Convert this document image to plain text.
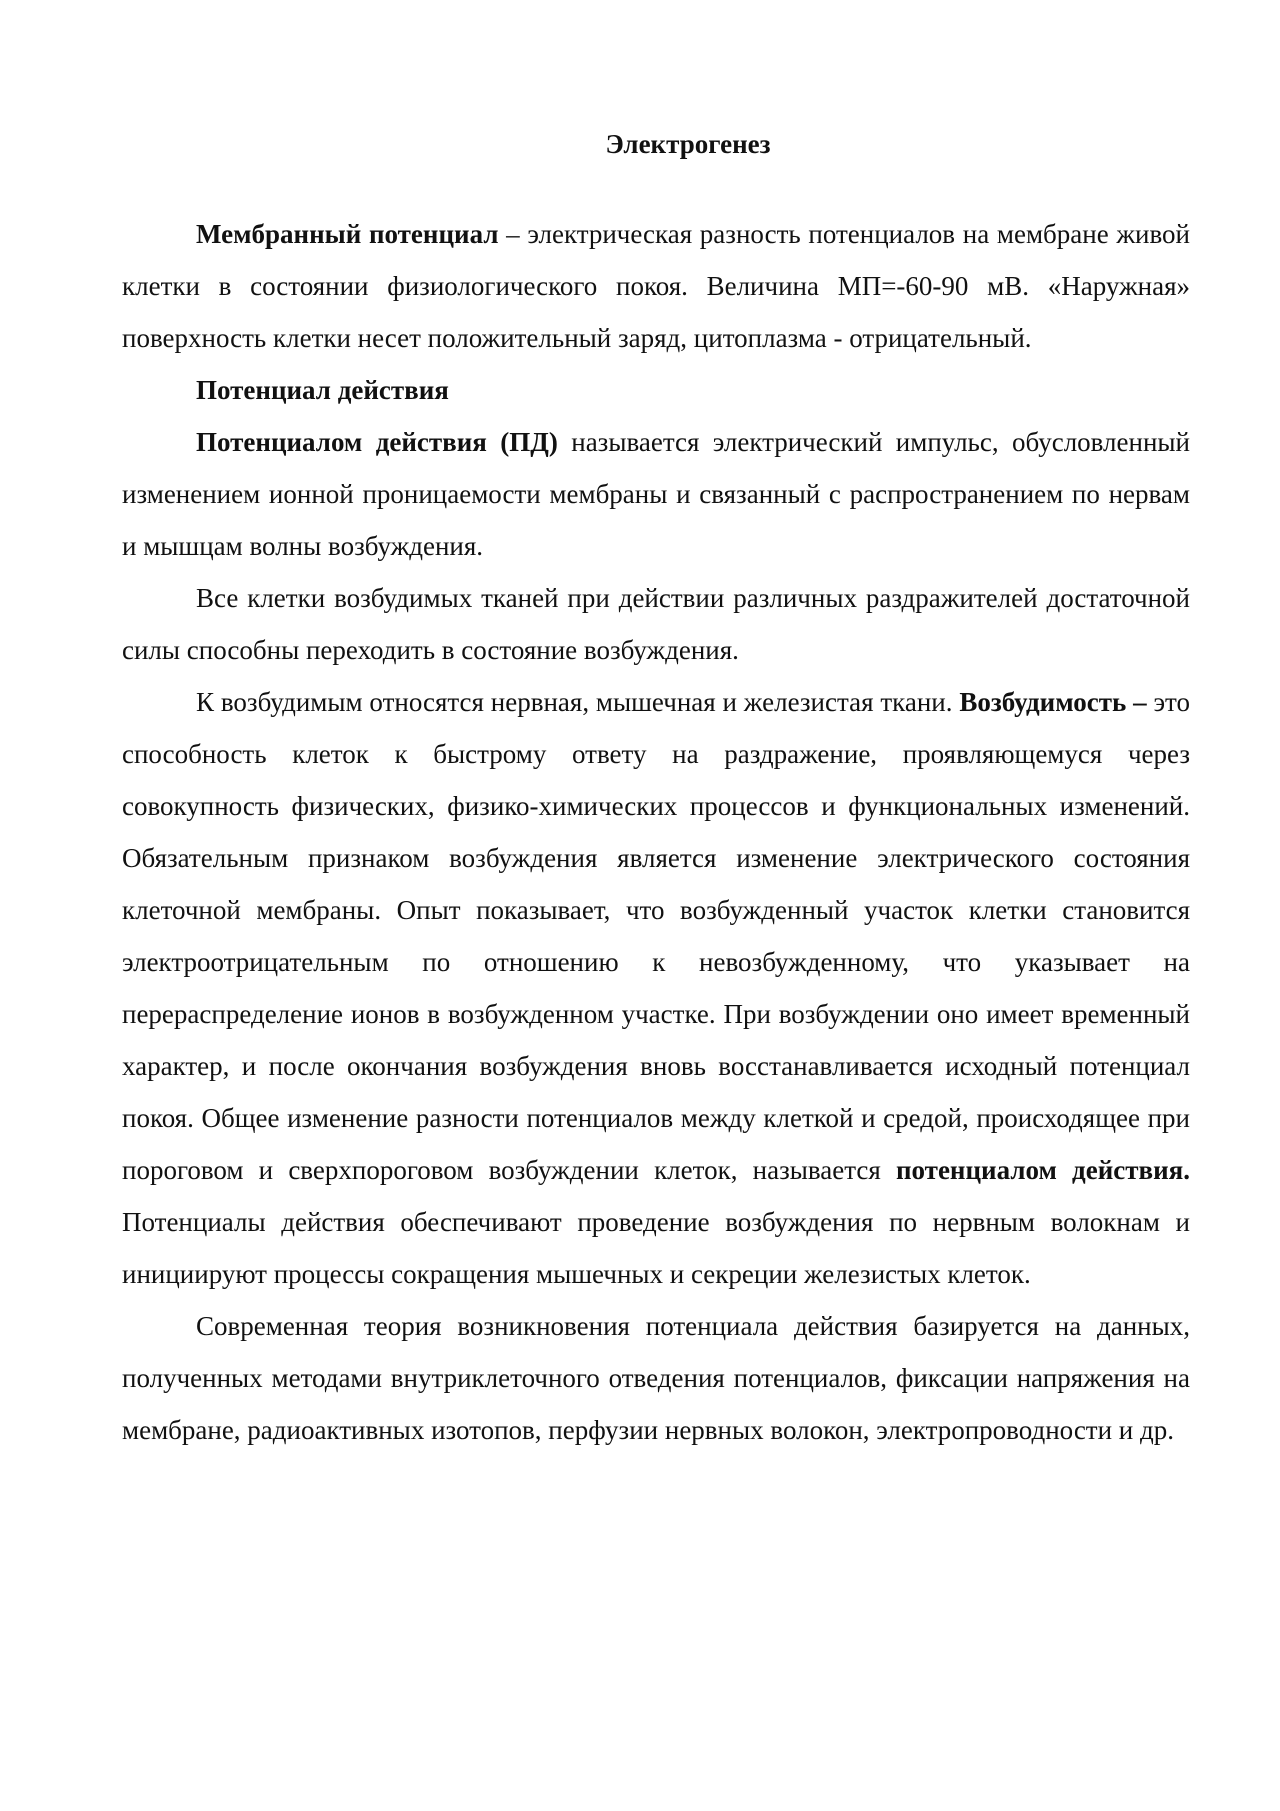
Электрогенез

Мембранный потенциал – электрическая разность потенциалов на мембране живой клетки в состоянии физиологического покоя. Величина МП=-60-90 мВ. «Наружная» поверхность клетки несет положительный заряд, цитоплазма - отрицательный.

Потенциал действия

Потенциалом действия (ПД) называется электрический импульс, обусловленный изменением ионной проницаемости мембраны и связанный с распространением по нервам и мышцам волны возбуждения.

Все клетки возбудимых тканей при действии различных раздражителей достаточной силы способны переходить в состояние возбуждения.

К возбудимым относятся нервная, мышечная и железистая ткани. Возбудимость – это способность клеток к быстрому ответу на раздражение, проявляющемуся через совокупность физических, физико-химических процессов и функциональных изменений. Обязательным признаком возбуждения является изменение электрического состояния клеточной мембраны. Опыт показывает, что возбужденный участок клетки становится электроотрицательным по отношению к невозбужденному, что указывает на перераспределение ионов в возбужденном участке. При возбуждении оно имеет временный характер, и после окончания возбуждения вновь восстанавливается исходный потенциал покоя. Общее изменение разности потенциалов между клеткой и средой, происходящее при пороговом и сверхпороговом возбуждении клеток, называется потенциалом действия. Потенциалы действия обеспечивают проведение возбуждения по нервным волокнам и инициируют процессы сокращения мышечных и секреции железистых клеток.

Современная теория возникновения потенциала действия базируется на данных, полученных методами внутриклеточного отведения потенциалов, фиксации напряжения на мембране, радиоактивных изотопов, перфузии нервных волокон, электропроводности и др.
